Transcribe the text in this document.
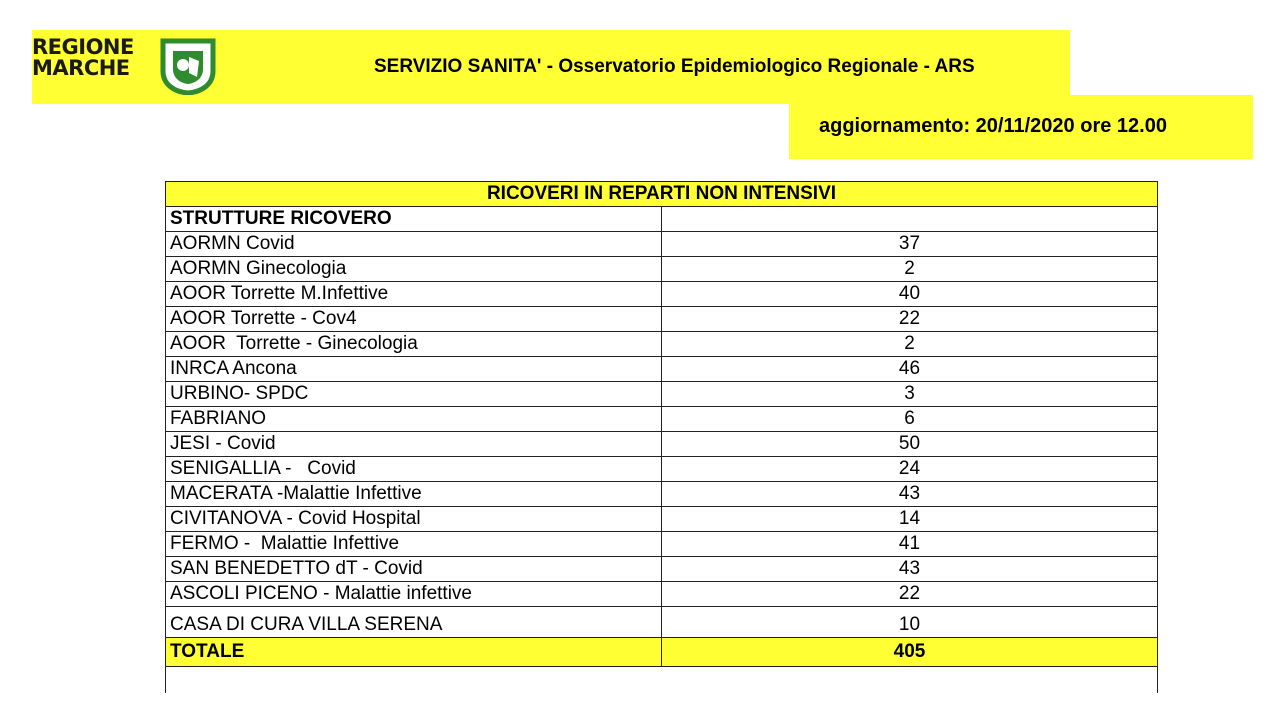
REGIONE
MARCHE	SERVIZIO SANITA' - Osservatorio Epidemiologico Regionale - ARS
aggiornamento: 20/11/2020 ore 12.00
RICOVERI IN REPARTI NON INTENSIVI	
STRUTTURE RICOVERO	
AORMN Covid	37
AORMN Ginecologia	2
AOOR Torrette M.Infettive	40
AOOR Torrette - Cov4	22
AOOR  Torrette - Ginecologia	2
INRCA Ancona	46
URBINO- SPDC	3
FABRIANO	6
JESI - Covid	50
SENIGALLIA -   Covid	24
MACERATA -Malattie Infettive	43
CIVITANOVA - Covid Hospital	14
FERMO -  Malattie Infettive	41
SAN BENEDETTO dT - Covid	43
ASCOLI PICENO - Malattie infettive	22
CASA DI CURA VILLA SERENA	10
TOTALE	405
